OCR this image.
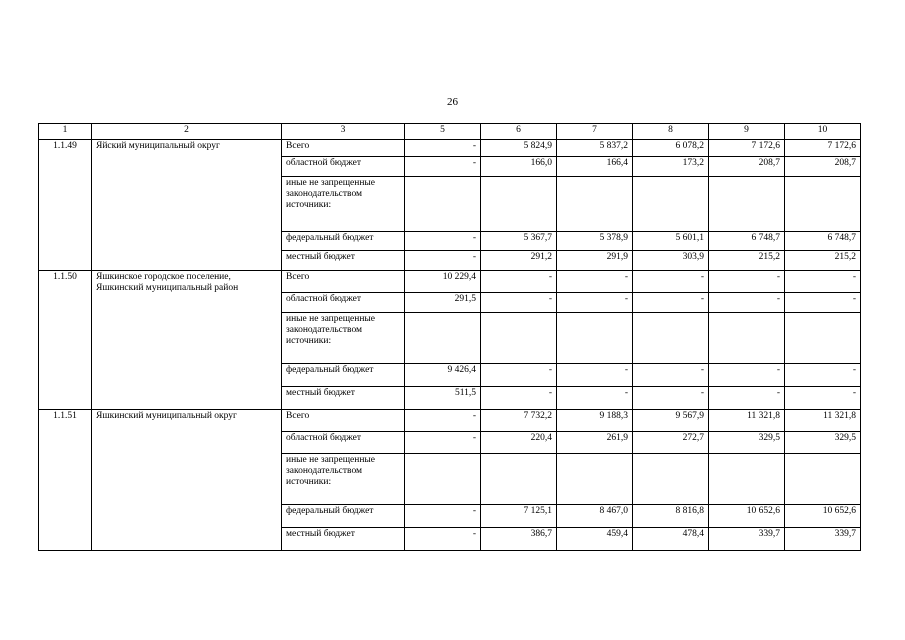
26
1	2	3	5	6	7	8	9	10
1.1.49	Яйский муниципальный округ	Всего	-	5 824,9	5 837,2	6 078,2	7 172,6	7 172,6
		областной бюджет	-	166,0	166,4	173,2	208,7	208,7
		иные не запрещенные законодательством источники:						
		федеральный бюджет	-	5 367,7	5 378,9	5 601,1	6 748,7	6 748,7
		местный бюджет	-	291,2	291,9	303,9	215,2	215,2
1.1.50	Яшкинское городское поселение, Яшкинский муниципальный район	Всего	10 229,4	-	-	-	-	-
		областной бюджет	291,5	-	-	-	-	-
		иные не запрещенные законодательством источники:						
		федеральный бюджет	9 426,4	-	-	-	-	-
		местный бюджет	511,5	-	-	-	-	-
1.1.51	Яшкинский муниципальный округ	Всего	-	7 732,2	9 188,3	9 567,9	11 321,8	11 321,8
		областной бюджет	-	220,4	261,9	272,7	329,5	329,5
		иные не запрещенные законодательством источники:						
		федеральный бюджет	-	7 125,1	8 467,0	8 816,8	10 652,6	10 652,6
		местный бюджет	-	386,7	459,4	478,4	339,7	339,7
